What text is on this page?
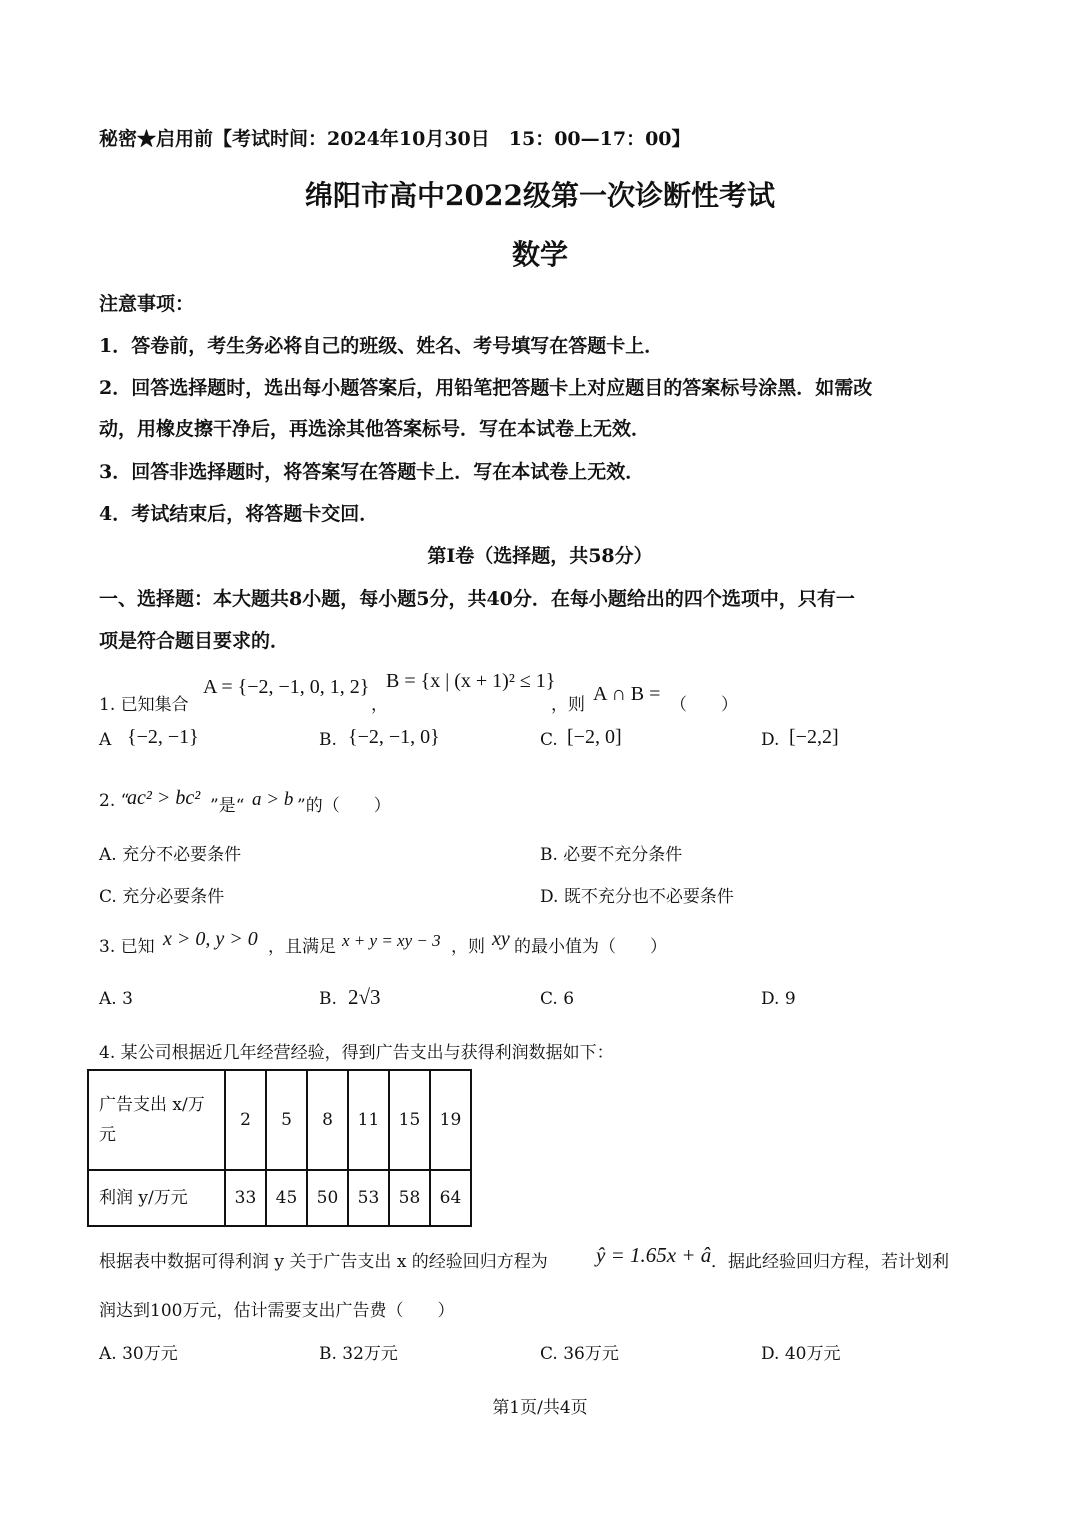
秘密★启用前【考试时间：2024年10月30日　15：00—17：00】
绵阳市高中2022级第一次诊断性考试
数学
注意事项：
1．答卷前，考生务必将自己的班级、姓名、考号填写在答题卡上．
2．回答选择题时，选出每小题答案后，用铅笔把答题卡上对应题目的答案标号涂黑．如需改
动，用橡皮擦干净后，再选涂其他答案标号．写在本试卷上无效．
3．回答非选择题时，将答案写在答题卡上．写在本试卷上无效．
4．考试结束后，将答题卡交回．
第Ⅰ卷（选择题，共58分）
一、选择题：本大题共8小题，每小题5分，共40分．在每小题给出的四个选项中，只有一
项是符合题目要求的．
1. 已知集合
A = {−2, −1, 0, 1, 2}
，
B = {x | (x + 1)² ≤ 1}
，则 A ∩ B = （　　）
A {−2, −1}	B. {−2, −1, 0}	C. [−2, 0]	D. [−2,2]
2. “
ac² > bc² ”是“ a > b ”的（　　）
A. 充分不必要条件	B. 必要不充分条件
C. 充分必要条件	D. 既不充分也不必要条件
3. 已知 x > 0, y > 0 ，且满足 x + y = xy − 3 ，则 xy 的最小值为（　　）
A. 3	B. 2√3	C. 6	D. 9
4. 某公司根据近几年经营经验，得到广告支出与获得利润数据如下：
广告支出 x/万
元	2	5	8	11	15	19
利润 y/万元	33	45	50	53	58	64
根据表中数据可得利润 y 关于广告支出 x 的经验回归方程为 ŷ = 1.65x + â ．据此经验回归方程，若计划利
润达到100万元，估计需要支出广告费（　　）
A. 30万元	B. 32万元	C. 36万元	D. 40万元
第1页/共4页
